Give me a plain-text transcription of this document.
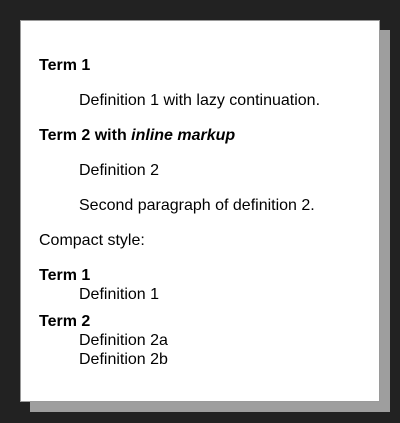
Term 1
Definition 1 with lazy continuation.
Term 2 with inline markup
Definition 2
Second paragraph of definition 2.
Compact style:
Term 1
Definition 1
Term 2
Definition 2a
Definition 2b
